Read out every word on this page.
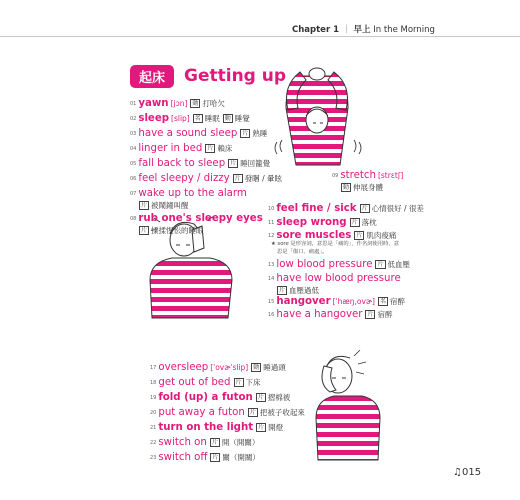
Chapter 1 ｜ 早上 In the Morning
起床	Getting up
$^{01}$ yawn [jɔn] 動 打哈欠
$^{02}$ sleep [slip] 名 睡眠 動 睡覺
$^{03}$ have a sound sleep 片 熟睡
$^{04}$ linger in bed 片 賴床
$^{05}$ fall back to sleep 片 睡回籠覺
$^{06}$ feel sleepy / dizzy 片 發睏 / 暈眩
$^{07}$ wake up to the alarm
片 被鬧鐘叫醒
$^{08}$ rub one's sleepy eyes
片 揉揉惺忪的睡眼
$^{09}$ stretch [strɛtʃ]
動 伸展身體
$^{10}$ feel fine / sick 片 心情很好 / 很差
$^{11}$ sleep wrong 片 落枕
$^{12}$ sore muscles 片 肌肉痠痛
★ sore 是形容詞，意思是「痛的」，作名詞使用時，意
思是「傷口、痛處」。
$^{13}$ low blood pressure 片 低血壓
$^{14}$ have low blood pressure
片 血壓過低
$^{15}$ hangover [ˈhæŋ,ovɚ] 名 宿醉
$^{16}$ have a hangover 片 宿醉
$^{17}$ oversleep [ˈovɚˈslip] 動 睡過頭
$^{18}$ get out of bed 片 下床
$^{19}$ fold (up) a futon 片 摺棉被
$^{20}$ put away a futon 片 把被子收起來
$^{21}$ turn on the light 片 開燈
$^{22}$ switch on 片 開（開關）
$^{23}$ switch off 片 關（開關）
♫015
